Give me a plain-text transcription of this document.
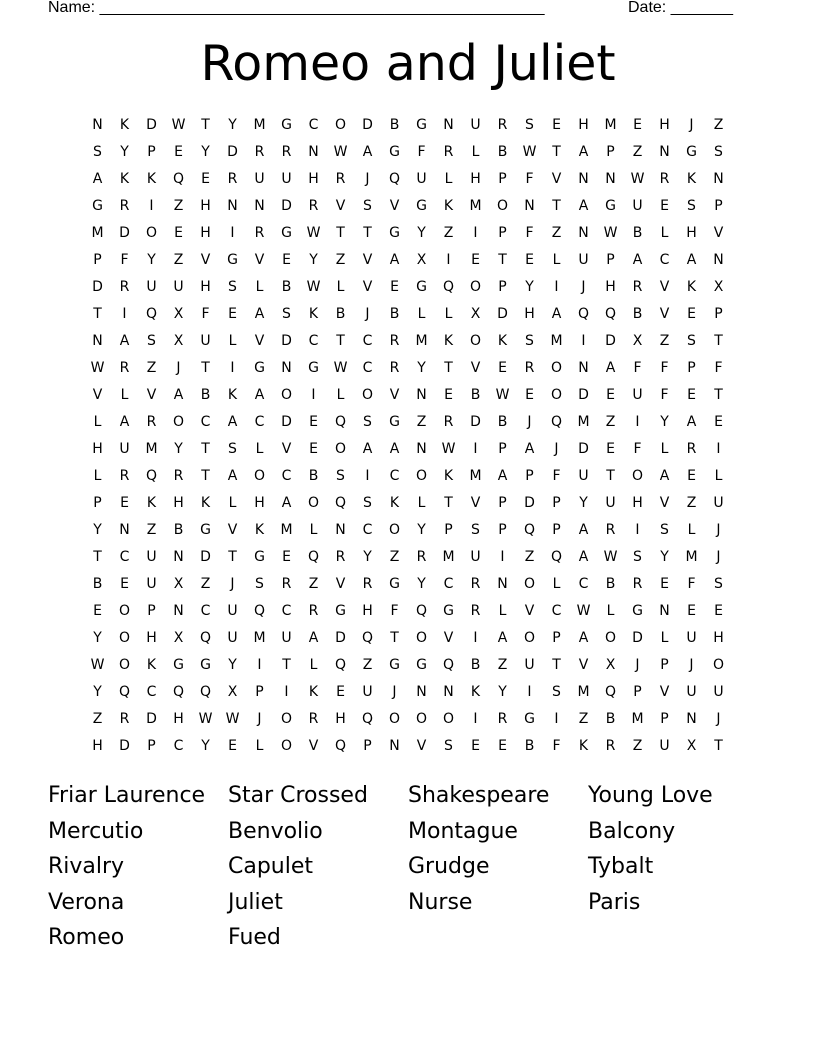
Name: __________________________________________________	Date: _______
Romeo and Juliet
N	K	D	W	T	Y	M	G	C	O	D	B	G	N	U	R	S	E	H	M	E	H	J	Z
S	Y	P	E	Y	D	R	R	N	W	A	G	F	R	L	B	W	T	A	P	Z	N	G	S
A	K	K	Q	E	R	U	U	H	R	J	Q	U	L	H	P	F	V	N	N	W	R	K	N
G	R	I	Z	H	N	N	D	R	V	S	V	G	K	M	O	N	T	A	G	U	E	S	P
M	D	O	E	H	I	R	G	W	T	T	G	Y	Z	I	P	F	Z	N	W	B	L	H	V
P	F	Y	Z	V	G	V	E	Y	Z	V	A	X	I	E	T	E	L	U	P	A	C	A	N
D	R	U	U	H	S	L	B	W	L	V	E	G	Q	O	P	Y	I	J	H	R	V	K	X
T	I	Q	X	F	E	A	S	K	B	J	B	L	L	X	D	H	A	Q	Q	B	V	E	P
N	A	S	X	U	L	V	D	C	T	C	R	M	K	O	K	S	M	I	D	X	Z	S	T
W	R	Z	J	T	I	G	N	G	W	C	R	Y	T	V	E	R	O	N	A	F	F	P	F
V	L	V	A	B	K	A	O	I	L	O	V	N	E	B	W	E	O	D	E	U	F	E	T
L	A	R	O	C	A	C	D	E	Q	S	G	Z	R	D	B	J	Q	M	Z	I	Y	A	E
H	U	M	Y	T	S	L	V	E	O	A	A	N	W	I	P	A	J	D	E	F	L	R	I
L	R	Q	R	T	A	O	C	B	S	I	C	O	K	M	A	P	F	U	T	O	A	E	L
P	E	K	H	K	L	H	A	O	Q	S	K	L	T	V	P	D	P	Y	U	H	V	Z	U
Y	N	Z	B	G	V	K	M	L	N	C	O	Y	P	S	P	Q	P	A	R	I	S	L	J
T	C	U	N	D	T	G	E	Q	R	Y	Z	R	M	U	I	Z	Q	A	W	S	Y	M	J
B	E	U	X	Z	J	S	R	Z	V	R	G	Y	C	R	N	O	L	C	B	R	E	F	S
E	O	P	N	C	U	Q	C	R	G	H	F	Q	G	R	L	V	C	W	L	G	N	E	E
Y	O	H	X	Q	U	M	U	A	D	Q	T	O	V	I	A	O	P	A	O	D	L	U	H
W	O	K	G	G	Y	I	T	L	Q	Z	G	G	Q	B	Z	U	T	V	X	J	P	J	O
Y	Q	C	Q	Q	X	P	I	K	E	U	J	N	N	K	Y	I	S	M	Q	P	V	U	U
Z	R	D	H	W W	J	O	R	H	Q	O	O	O	I	R	G	I	Z	B	M	P	N	J
H	D	P	C	Y	E	L	O	V	Q	P	N	V	S	E	E	B	F	K	R	Z	U	X	T
Friar Laurence	Star Crossed	Shakespeare	Young Love
Mercutio	Benvolio	Montague	Balcony
Rivalry	Capulet	Grudge	Tybalt
Verona	Juliet	Nurse	Paris
Romeo	Fued
